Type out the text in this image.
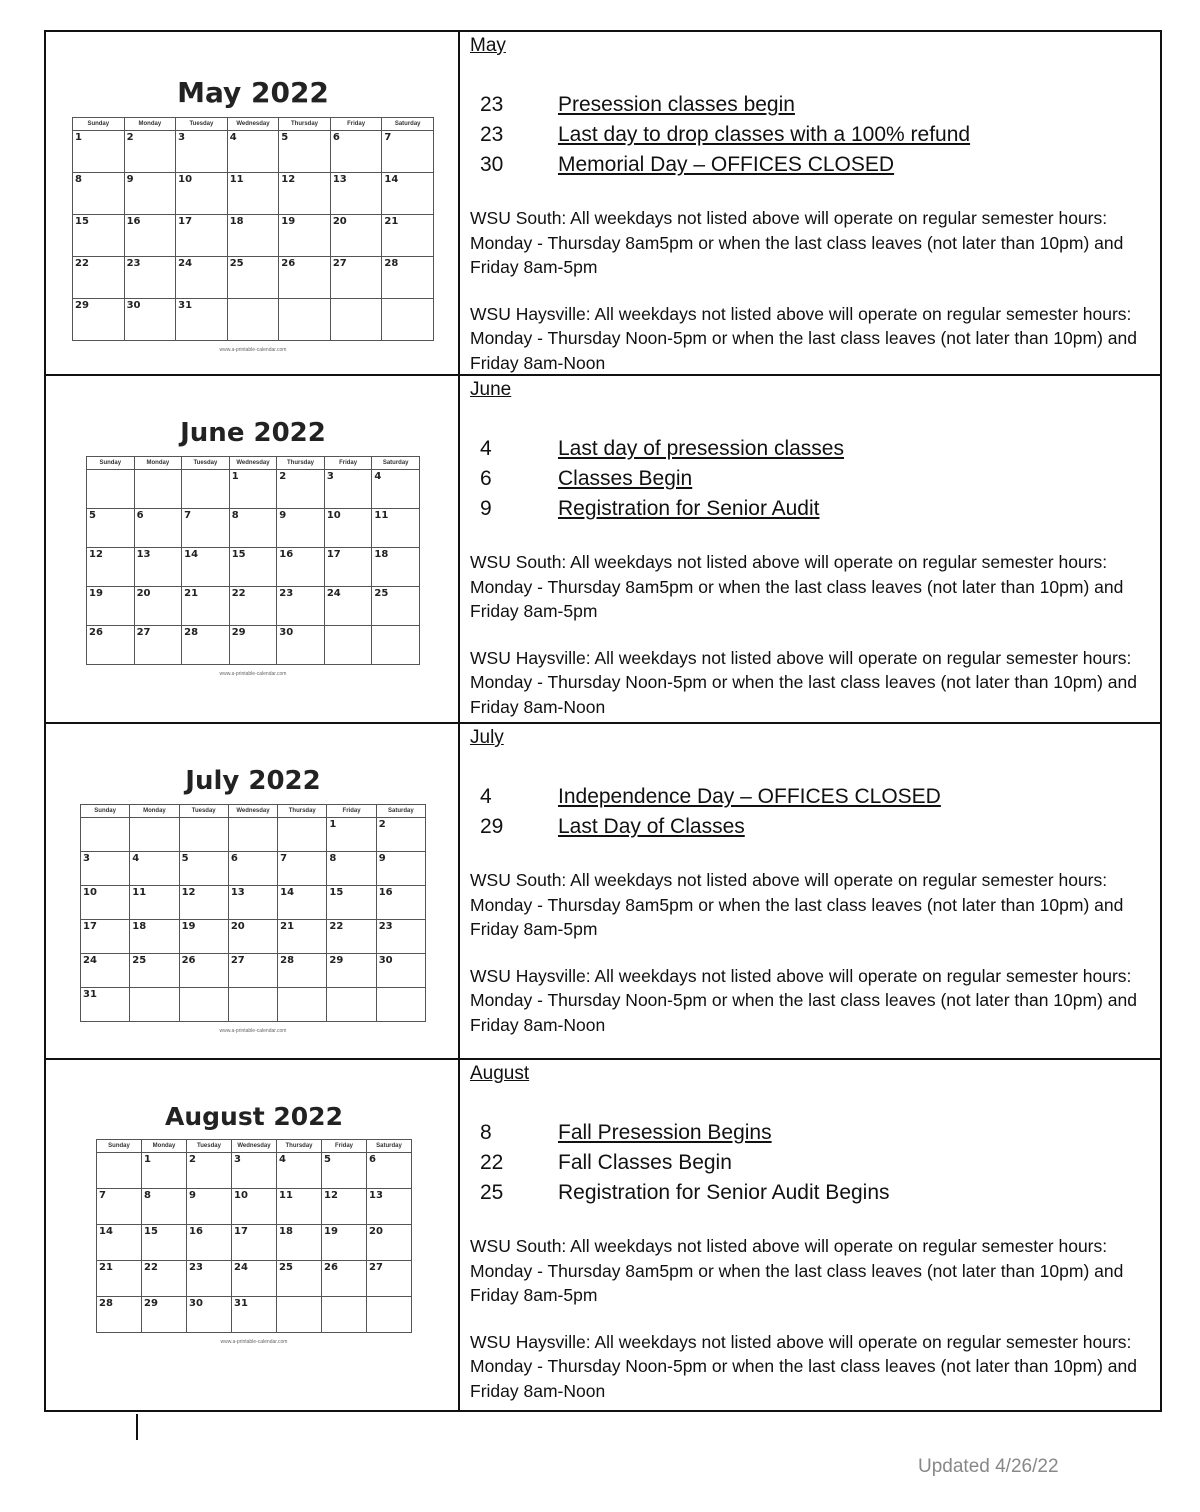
May 2022
Sunday	Monday	Tuesday	Wednesday	Thursday	Friday	Saturday
1	2	3	4	5	6	7
8	9	10	11	12	13	14
15	16	17	18	19	20	21
22	23	24	25	26	27	28
29	30	31				
www.a-printable-calendar.com

May

23	Presession classes begin
23	Last day to drop classes with a 100% refund
30	Memorial Day – OFFICES CLOSED

WSU South: All weekdays not listed above will operate on regular semester hours: Monday - Thursday 8am5pm or when the last class leaves (not later than 10pm) and Friday 8am-5pm

WSU Haysville: All weekdays not listed above will operate on regular semester hours: Monday - Thursday Noon-5pm or when the last class leaves (not later than 10pm) and Friday 8am-Noon

June 2022
Sunday	Monday	Tuesday	Wednesday	Thursday	Friday	Saturday
			1	2	3	4
5	6	7	8	9	10	11
12	13	14	15	16	17	18
19	20	21	22	23	24	25
26	27	28	29	30		
www.a-printable-calendar.com

June

4	Last day of presession classes
6	Classes Begin
9	Registration for Senior Audit

WSU South: All weekdays not listed above will operate on regular semester hours: Monday - Thursday 8am5pm or when the last class leaves (not later than 10pm) and Friday 8am-5pm

WSU Haysville: All weekdays not listed above will operate on regular semester hours: Monday - Thursday Noon-5pm or when the last class leaves (not later than 10pm) and Friday 8am-Noon

July 2022
Sunday	Monday	Tuesday	Wednesday	Thursday	Friday	Saturday
					1	2
3	4	5	6	7	8	9
10	11	12	13	14	15	16
17	18	19	20	21	22	23
24	25	26	27	28	29	30
31						
www.a-printable-calendar.com

July

4	Independence Day – OFFICES CLOSED
29	Last Day of Classes

WSU South: All weekdays not listed above will operate on regular semester hours: Monday - Thursday 8am5pm or when the last class leaves (not later than 10pm) and Friday 8am-5pm

WSU Haysville: All weekdays not listed above will operate on regular semester hours: Monday - Thursday Noon-5pm or when the last class leaves (not later than 10pm) and Friday 8am-Noon

August 2022
Sunday	Monday	Tuesday	Wednesday	Thursday	Friday	Saturday
	1	2	3	4	5	6
7	8	9	10	11	12	13
14	15	16	17	18	19	20
21	22	23	24	25	26	27
28	29	30	31			
www.a-printable-calendar.com

August

8	Fall Presession Begins
22	Fall Classes Begin
25	Registration for Senior Audit Begins

WSU South: All weekdays not listed above will operate on regular semester hours: Monday - Thursday 8am5pm or when the last class leaves (not later than 10pm) and Friday 8am-5pm

WSU Haysville: All weekdays not listed above will operate on regular semester hours: Monday - Thursday Noon-5pm or when the last class leaves (not later than 10pm) and Friday 8am-Noon

Updated 4/26/22
